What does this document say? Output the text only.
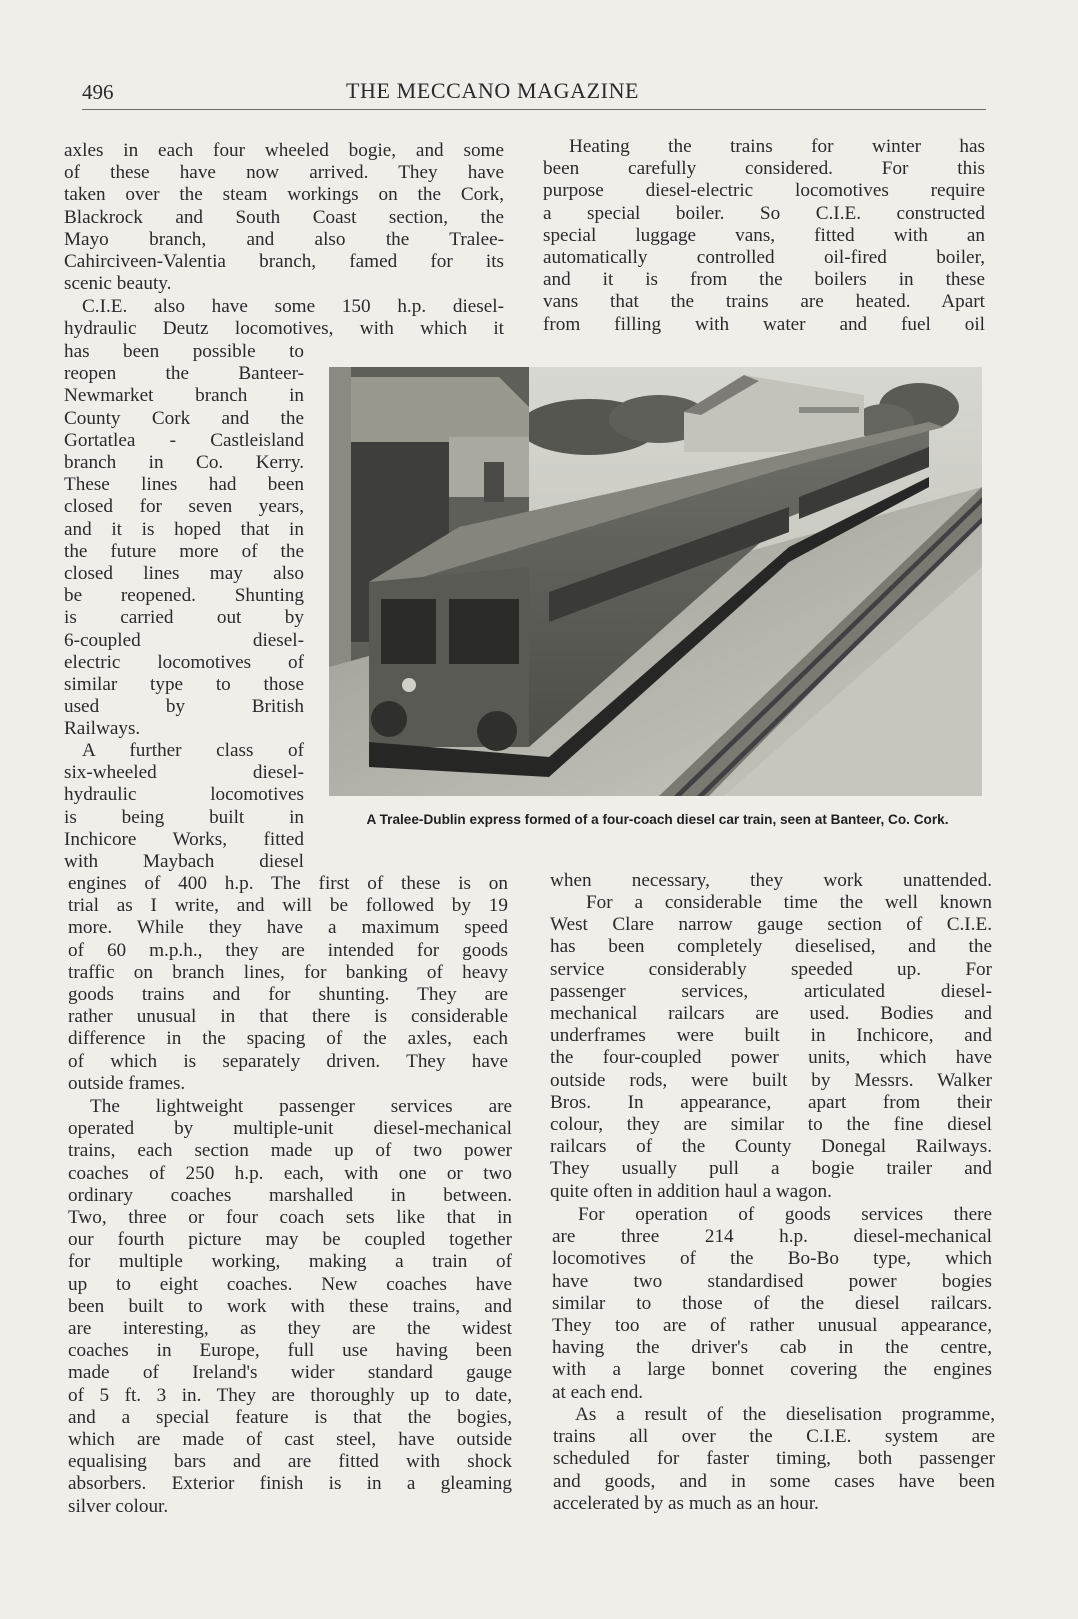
496	THE MECCANO MAGAZINE

axles in each four wheeled bogie, and some
of these have now arrived. They have
taken over the steam workings on the Cork,
Blackrock and South Coast section, the
Mayo branch, and also the Tralee-
Cahirciveen-Valentia branch, famed for its
scenic beauty.

C.I.E. also have some 150 h.p. diesel-
hydraulic Deutz locomotives, with which it

has been possible to
reopen the Banteer-
Newmarket branch in
County Cork and the
Gortatlea - Castleisland
branch in Co. Kerry.
These lines had been
closed for seven years,
and it is hoped that in
the future more of the
closed lines may also
be reopened. Shunting
is carried out by
6-coupled diesel-
electric locomotives of
similar type to those
used by British
Railways.

A further class of
six-wheeled diesel-
hydraulic locomotives
is being built in
Inchicore Works, fitted
with Maybach diesel

engines of 400 h.p. The first of these is on
trial as I write, and will be followed by 19
more. While they have a maximum speed
of 60 m.p.h., they are intended for goods
traffic on branch lines, for banking of heavy
goods trains and for shunting. They are
rather unusual in that there is considerable
difference in the spacing of the axles, each
of which is separately driven. They have
outside frames.

The lightweight passenger services are
operated by multiple-unit diesel-mechanical
trains, each section made up of two power
coaches of 250 h.p. each, with one or two
ordinary coaches marshalled in between.
Two, three or four coach sets like that in
our fourth picture may be coupled together
for multiple working, making a train of
up to eight coaches. New coaches have
been built to work with these trains, and
are interesting, as they are the widest
coaches in Europe, full use having been
made of Ireland's wider standard gauge
of 5 ft. 3 in. They are thoroughly up to date,
and a special feature is that the bogies,
which are made of cast steel, have outside
equalising bars and are fitted with shock
absorbers. Exterior finish is in a gleaming
silver colour.

Heating the trains for winter has
been carefully considered. For this
purpose diesel-electric locomotives require
a special boiler. So C.I.E. constructed
special luggage vans, fitted with an
automatically controlled oil-fired boiler,
and it is from the boilers in these
vans that the trains are heated. Apart
from filling with water and fuel oil

when necessary, they work unattended.

For a considerable time the well known
West Clare narrow gauge section of C.I.E.
has been completely dieselised, and the
service considerably speeded up. For
passenger services, articulated diesel-
mechanical railcars are used. Bodies and
underframes were built in Inchicore, and
the four-coupled power units, which have
outside rods, were built by Messrs. Walker
Bros. In appearance, apart from their
colour, they are similar to the fine diesel
railcars of the County Donegal Railways.
They usually pull a bogie trailer and
quite often in addition haul a wagon.

For operation of goods services there
are three 214 h.p. diesel-mechanical
locomotives of the Bo-Bo type, which
have two standardised power bogies
similar to those of the diesel railcars.
They too are of rather unusual appearance,
having the driver's cab in the centre,
with a large bonnet covering the engines
at each end.

As a result of the dieselisation programme,
trains all over the C.I.E. system are
scheduled for faster timing, both passenger
and goods, and in some cases have been
accelerated by as much as an hour.

A Tralee-Dublin express formed of a four-coach diesel car train, seen at Banteer, Co. Cork.
